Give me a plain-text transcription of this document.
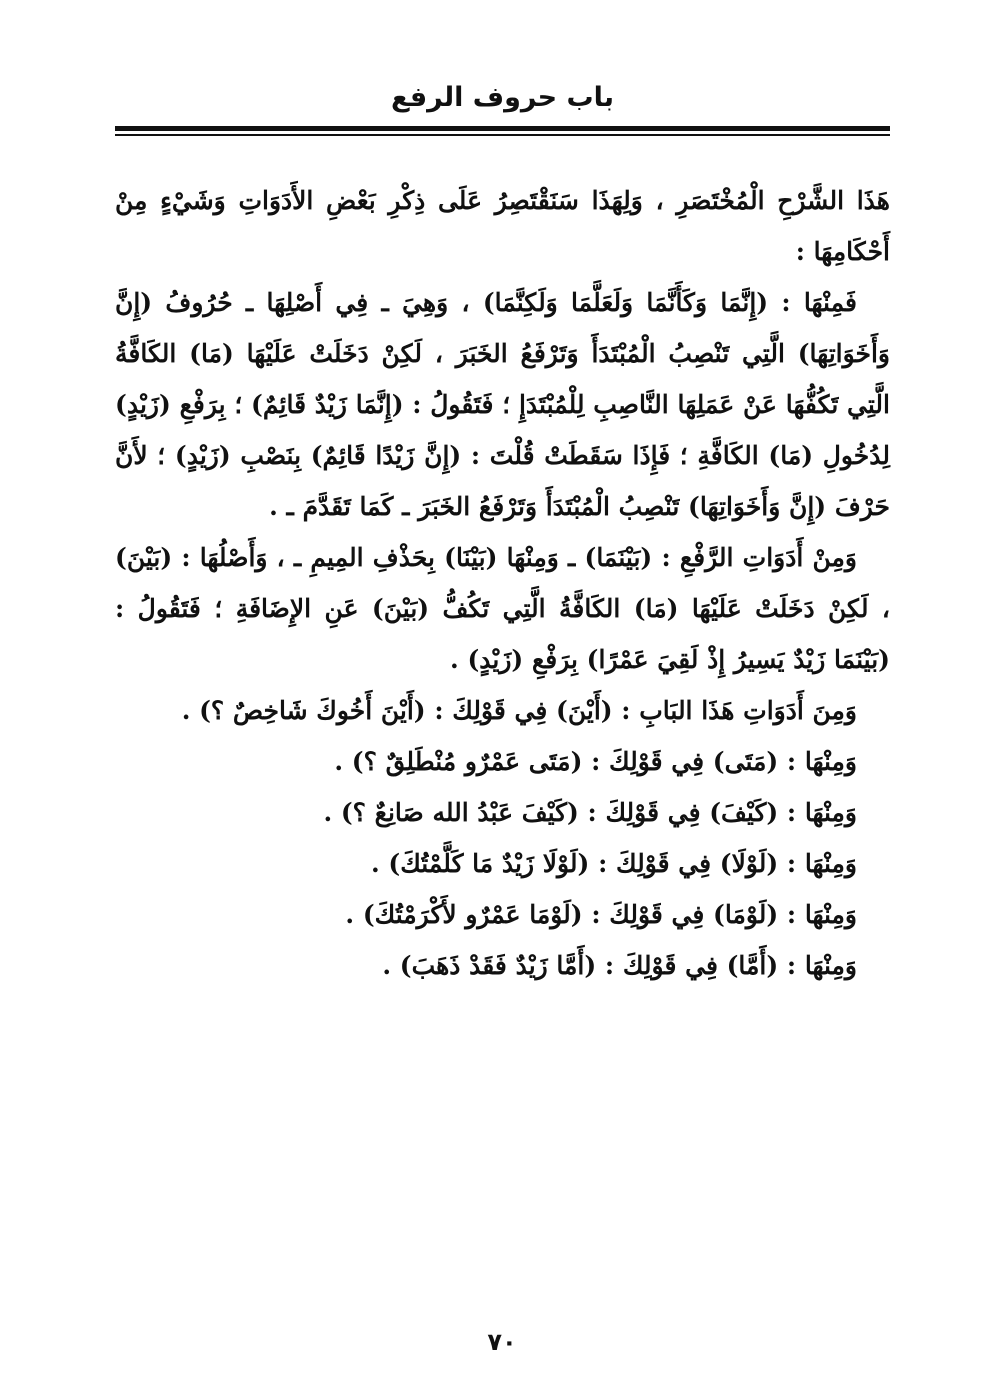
باب حروف الرفع

هَذَا الشَّرْحِ الْمُخْتَصَرِ ، وَلِهَذَا سَنَقْتَصِرُ عَلَى ذِكْرِ بَعْضِ الأَدَوَاتِ وَشَيْءٍ مِنْ أَحْكَامِهَا :

فَمِنْهَا : (إِنَّمَا وَكَأَنَّمَا وَلَعَلَّمَا وَلَكِنَّمَا) ، وَهِيَ ـ فِي أَصْلِهَا ـ حُرُوفُ (إِنَّ وَأَخَوَاتِهَا) الَّتِي تَنْصِبُ الْمُبْتَدَأَ وَتَرْفَعُ الخَبَرَ ، لَكِنْ دَخَلَتْ عَلَيْهَا (مَا) الكَافَّةُ الَّتِي تَكُفُّهَا عَنْ عَمَلِهَا النَّاصِبِ لِلْمُبْتَدَإِ ؛ فَتَقُولُ : (إِنَّمَا زَيْدٌ قَائِمٌ) ؛ بِرَفْعِ (زَيْدٍ) لِدُخُولِ (مَا) الكَافَّةِ ؛ فَإِذَا سَقَطَتْ قُلْتَ : (إِنَّ زَيْدًا قَائِمٌ) بِنَصْبِ (زَيْدٍ) ؛ لأَنَّ حَرْفَ (إِنَّ وَأَخَوَاتِهَا) تَنْصِبُ الْمُبْتَدَأَ وَتَرْفَعُ الخَبَرَ ـ كَمَا تَقَدَّمَ ـ .

وَمِنْ أَدَوَاتِ الرَّفْعِ : (بَيْنَمَا) ـ وَمِنْهَا (بَيْنَا) بِحَذْفِ المِيمِ ـ ، وَأَصْلُهَا : (بَيْنَ) ، لَكِنْ دَخَلَتْ عَلَيْهَا (مَا) الكَافَّةُ الَّتِي تَكُفُّ (بَيْنَ) عَنِ الإِضَافَةِ ؛ فَتَقُولُ : (بَيْنَمَا زَيْدٌ يَسِيرُ إِذْ لَقِيَ عَمْرًا) بِرَفْعِ (زَيْدٍ) .

وَمِنَ أَدَوَاتِ هَذَا البَابِ : (أَيْنَ) فِي قَوْلِكَ : (أَيْنَ أَخُوكَ شَاخِصٌ ؟) .

وَمِنْهَا : (مَتَى) فِي قَوْلِكَ : (مَتَى عَمْرٌو مُنْطَلِقٌ ؟) .

وَمِنْهَا : (كَيْفَ) فِي قَوْلِكَ : (كَيْفَ عَبْدُ الله صَانِعٌ ؟) .

وَمِنْهَا : (لَوْلَا) فِي قَوْلِكَ : (لَوْلَا زَيْدٌ مَا كَلَّمْتُكَ) .

وَمِنْهَا : (لَوْمَا) فِي قَوْلِكَ : (لَوْمَا عَمْرٌو لأَكْرَمْتُكَ) .

وَمِنْهَا : (أَمَّا) فِي قَوْلِكَ : (أَمَّا زَيْدٌ فَقَدْ ذَهَبَ) .

٧٠
